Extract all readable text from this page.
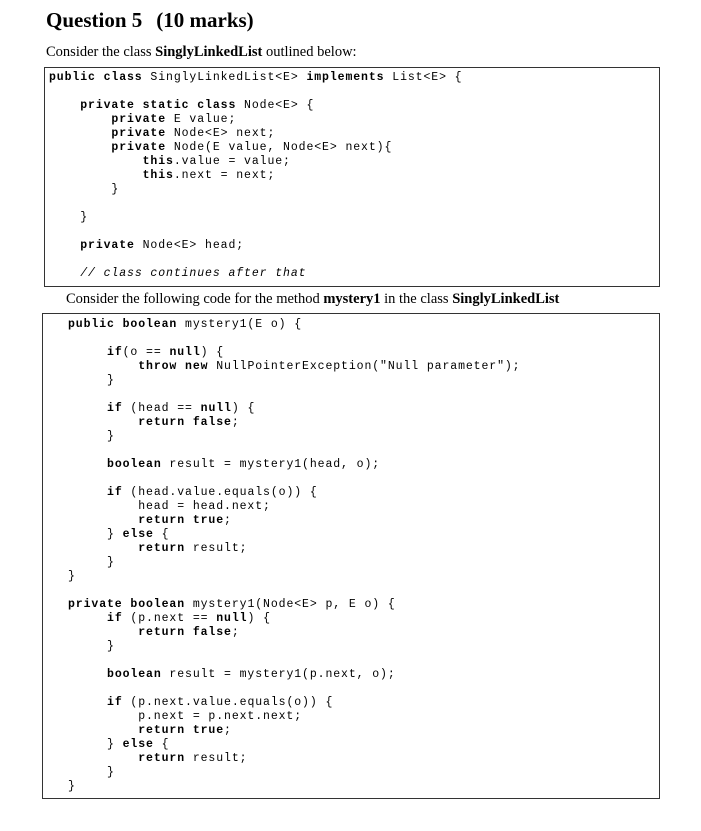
Question 5 (10 marks)
Consider the class SinglyLinkedList outlined below:
public class SinglyLinkedList<E> implements List<E> {
private static class Node<E> {
private E value;
private Node<E> next;
private Node(E value, Node<E> next){
this.value = value;
this.next = next;
}
}
private Node<E> head;
// class continues after that
Consider the following code for the method mystery1 in the class SinglyLinkedList
public boolean mystery1(E o) {
if(o == null) {
throw new NullPointerException("Null parameter");
}
if (head == null) {
return false;
}
boolean result = mystery1(head, o);
if (head.value.equals(o)) {
head = head.next;
return true;
} else {
return result;
}
}
private boolean mystery1(Node<E> p, E o) {
if (p.next == null) {
return false;
}
boolean result = mystery1(p.next, o);
if (p.next.value.equals(o)) {
p.next = p.next.next;
return true;
} else {
return result;
}
}
